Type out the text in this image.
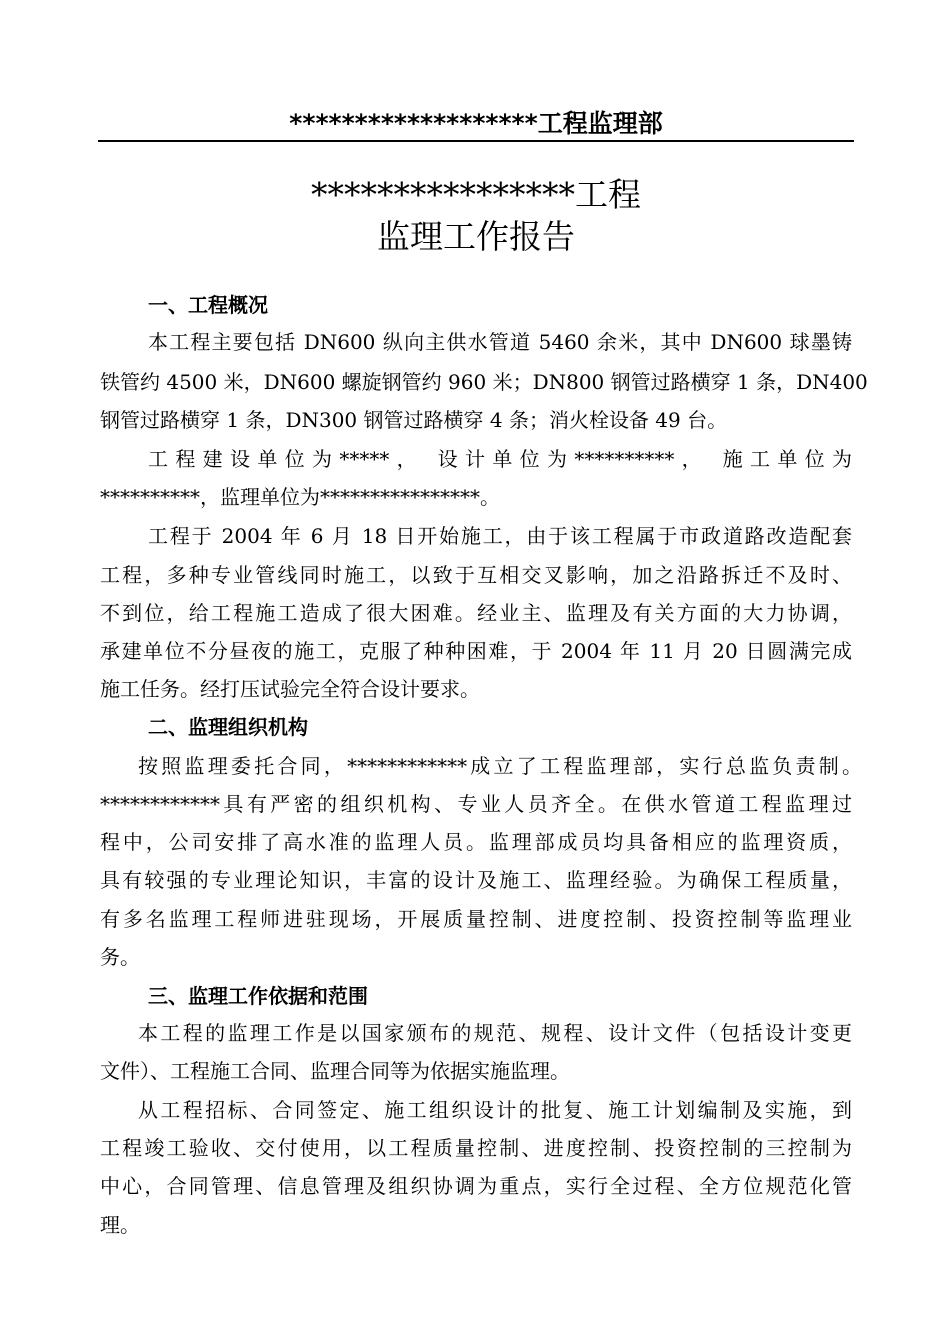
*******************工程监理部
****************工程
监理工作报告
一、工程概况
本工程主要包括 DN600 纵向主供水管道 5460 余米，其中 DN600 球墨铸
铁管约 4500 米，DN600 螺旋钢管约 960 米；DN800 钢管过路横穿 1 条，DN400
钢管过路横穿 1 条，DN300 钢管过路横穿 4 条；消火栓设备 49 台。
工程建设单位为*****， 设计单位为**********， 施工单位为
**********，监理单位为****************。
工程于 2004 年 6 月 18 日开始施工，由于该工程属于市政道路改造配套
工程，多种专业管线同时施工，以致于互相交叉影响，加之沿路拆迁不及时、
不到位，给工程施工造成了很大困难。经业主、监理及有关方面的大力协调，
承建单位不分昼夜的施工，克服了种种困难，于 2004 年 11 月 20 日圆满完成
施工任务。经打压试验完全符合设计要求。
二、监理组织机构
按照监理委托合同，************成立了工程监理部，实行总监负责制。
************具有严密的组织机构、专业人员齐全。在供水管道工程监理过
程中，公司安排了高水准的监理人员。监理部成员均具备相应的监理资质，
具有较强的专业理论知识，丰富的设计及施工、监理经验。为确保工程质量，
有多名监理工程师进驻现场，开展质量控制、进度控制、投资控制等监理业
务。
三、监理工作依据和范围
本工程的监理工作是以国家颁布的规范、规程、设计文件（包括设计变更
文件）、工程施工合同、监理合同等为依据实施监理。
从工程招标、合同签定、施工组织设计的批复、施工计划编制及实施，到
工程竣工验收、交付使用，以工程质量控制、进度控制、投资控制的三控制为
中心，合同管理、信息管理及组织协调为重点，实行全过程、全方位规范化管
理。
